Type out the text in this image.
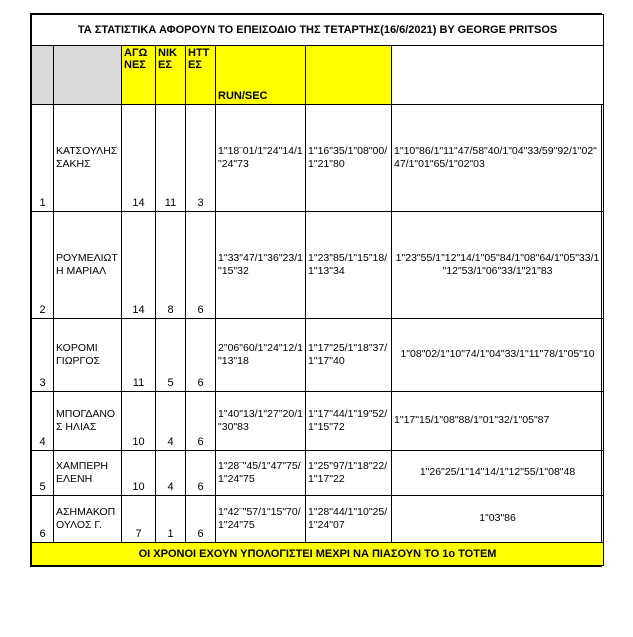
ΤΑ ΣΤΑΤΙΣΤΙΚΑ ΑΦΟΡΟΥΝ ΤΟ ΕΠΕΙΣΟΔΙΟ ΤΗΣ ΤΕΤΑΡΤΗΣ(16/6/2021) BY GEORGE PRITSOS							
		ΑΓΩΝΕΣ	ΝΙΚΕΣ	ΗΤΤΕΣ	RUN/SEC		
1	ΚΑΤΣΟΥΛΗΣ ΣΑΚΗΣ	14	11	3	1"18¨01/1"24"14/1"24"73	1"16"35/1"08"00/1"21"80	1"10"86/1"11"47/58"40/1"04"33/59"92/1"02"47/1"01"65/1"02"03
2	ΡΟΥΜΕΛΙΩΤΗ ΜΑΡΙΑΛ	14	8	6	1"33"47/1"36"23/1"15"32	1"23"85/1"15"18/1"13"34	1"23"55/1"12"14/1"05"84/1"08"64/1"05"33/1"12"53/1"06"33/1"21"83
3	ΚΟΡΟΜΙ ΓΙΩΡΓΟΣ	11	5	6	2"06"60/1"24"12/1"13"18	1"17"25/1"18"37/1"17"40	1"08"02/1"10"74/1"04"33/1"11"78/1"05"10
4	ΜΠΟΓΔΑΝΟΣ ΗΛΙΑΣ	10	4	6	1"40"13/1"27"20/1"30"83	1"17"44/1"19"52/1"15"72	1"17"15/1"08"88/1"01"32/1"05"87
5	ΧΑΜΠΕΡΗ ΕΛΕΝΗ	10	4	6	1"28¨"45/1"47"75/1"24"75	1"25"97/1"18"22/1"17"22	1"26"25/1"14"14/1"12"55/1"08"48
6	ΑΣΗΜΑΚΟΠΟΥΛΟΣ Γ.	7	1	6	1"42¨"57/1"15"70/1"24"75	1"28"44/1"10"25/1"24"07	1"03"86
ΟΙ ΧΡΟΝΟΙ ΕΧΟΥΝ ΥΠΟΛΟΓΙΣΤΕΙ ΜΕΧΡΙ ΝΑ ΠΙΑΣΟΥΝ ΤΟ 1ο ΤΟΤΕΜ							
